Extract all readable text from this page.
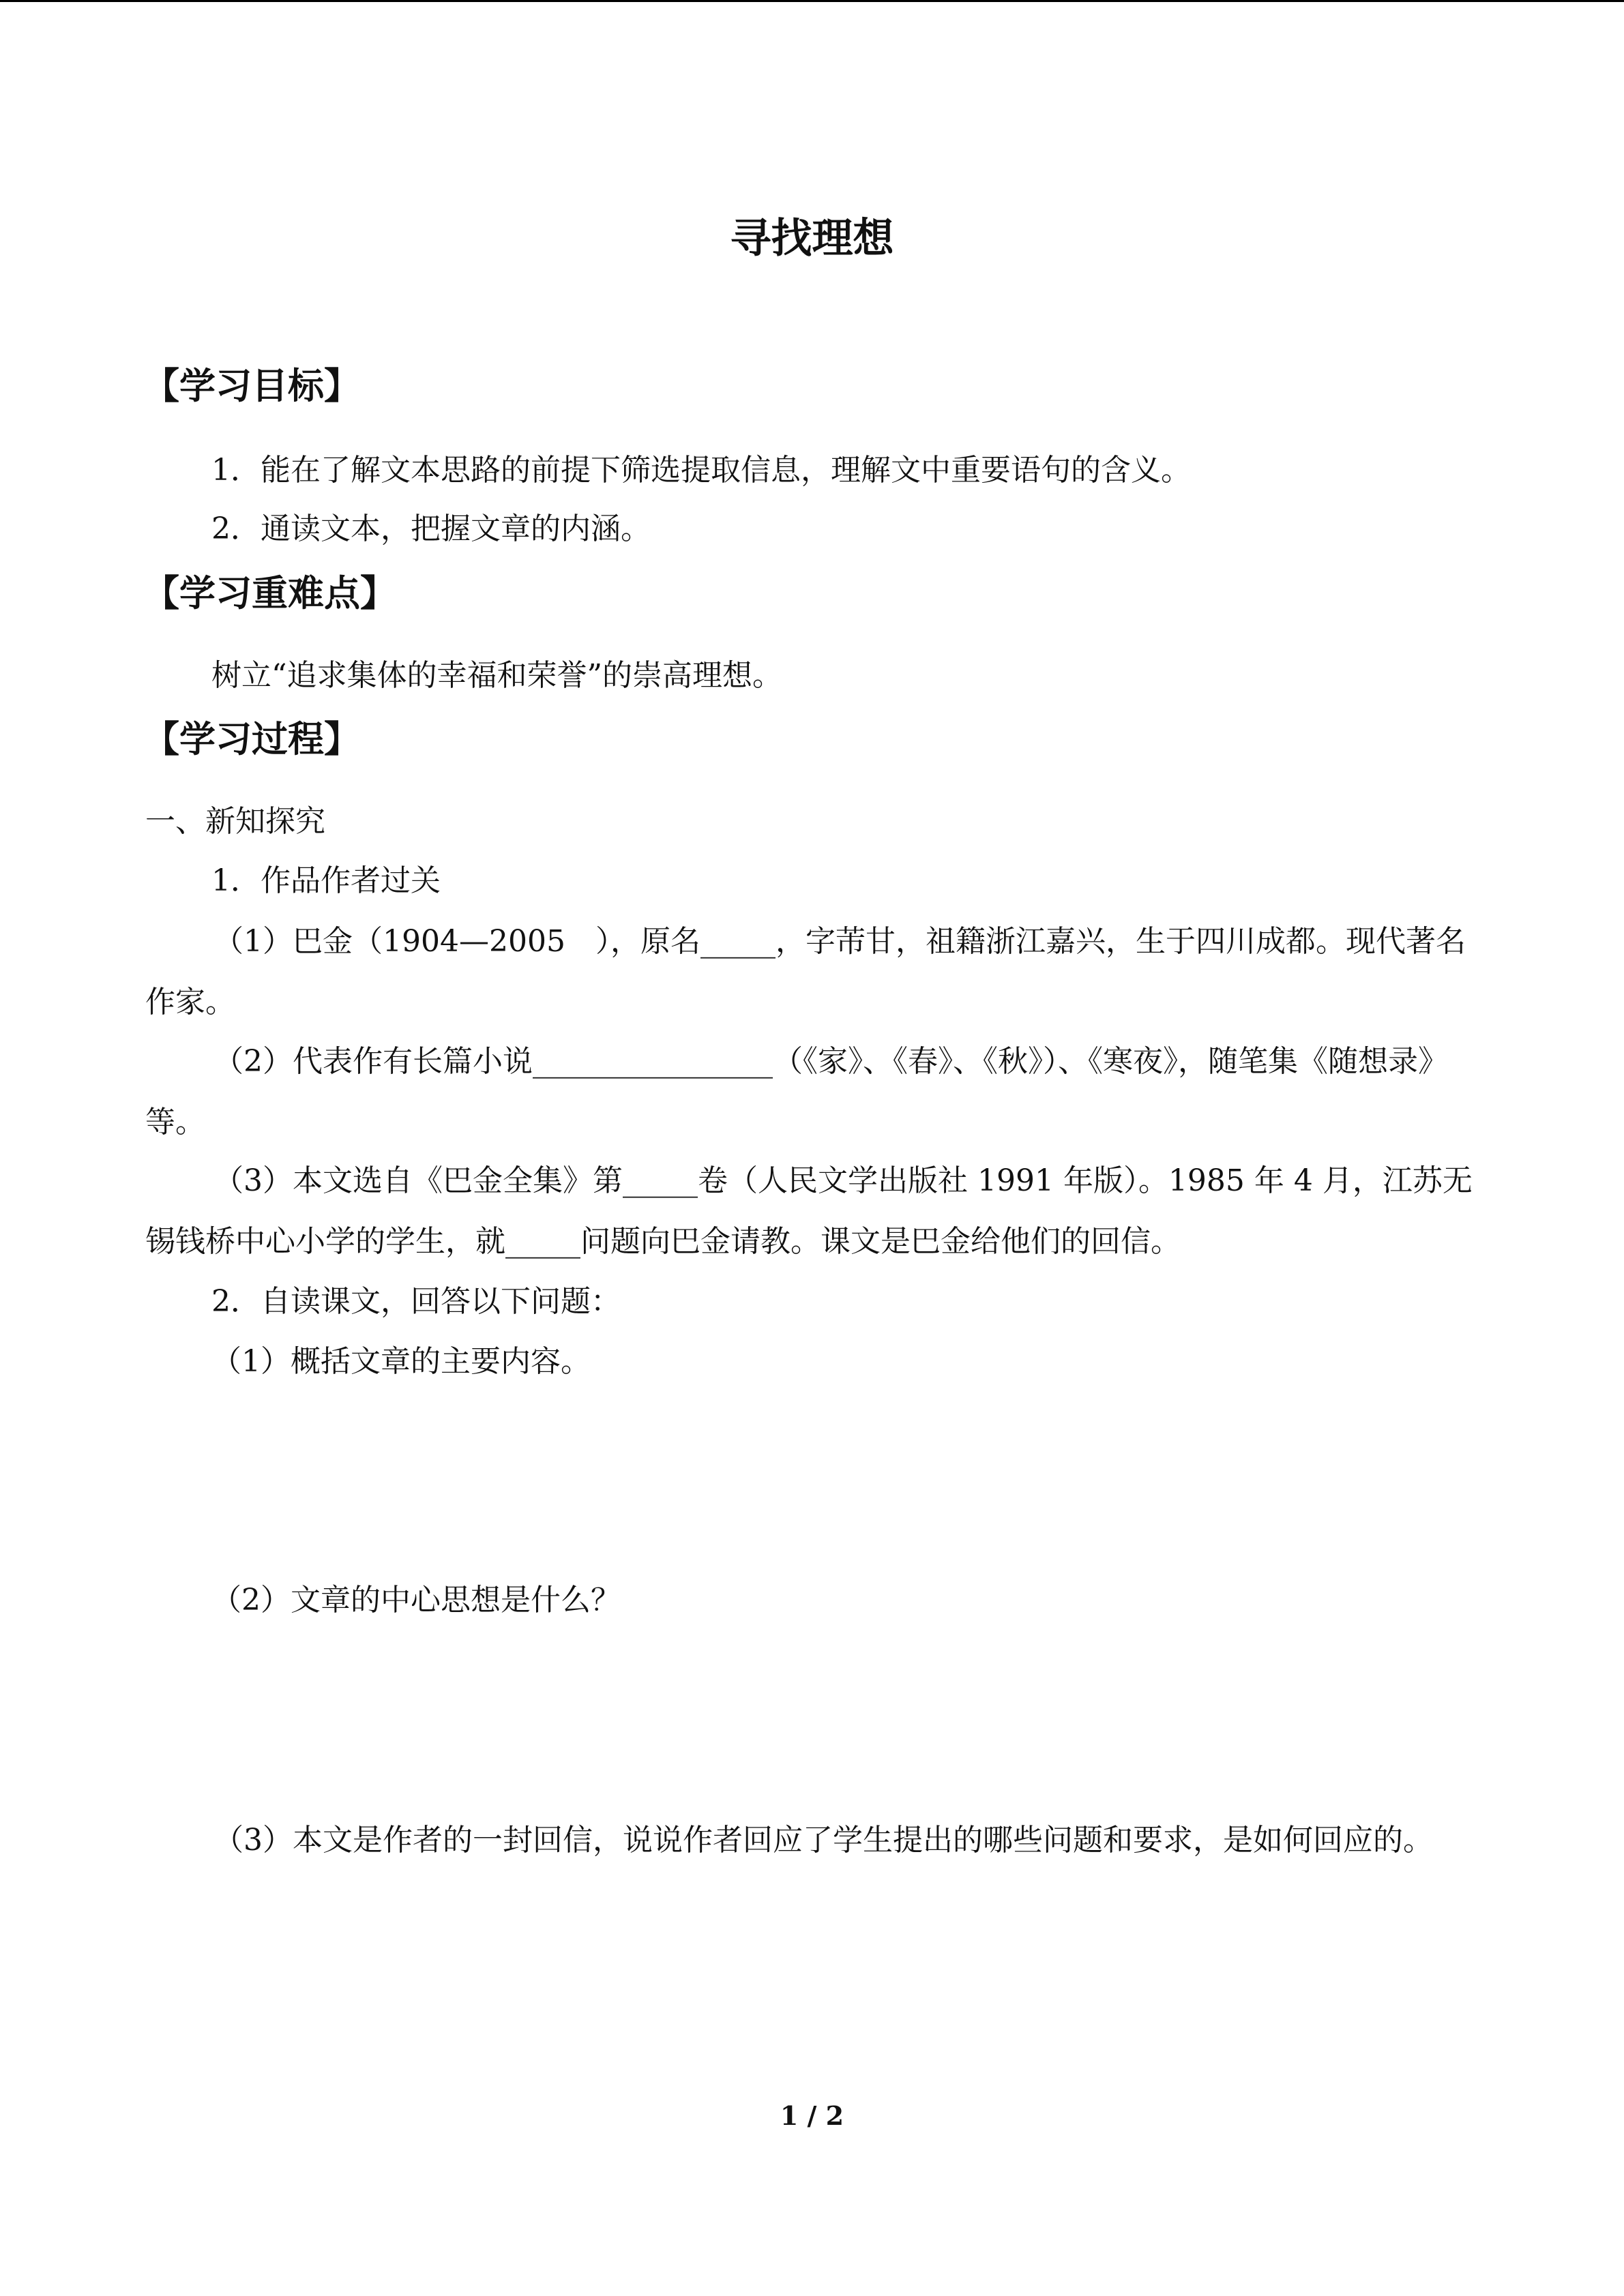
寻找理想
【学习目标】

1．能在了解文本思路的前提下筛选提取信息，理解文中重要语句的含义。

2．通读文本，把握文章的内涵。

【学习重难点】

树立“追求集体的幸福和荣誉”的崇高理想。

【学习过程】

一、新知探究

1．作品作者过关

（1）巴金（1904—2005　），原名_____，字芾甘，祖籍浙江嘉兴，生于四川成都。现代著名作家。

（2）代表作有长篇小说________________（《家》、《春》、《秋》）、《寒夜》，随笔集《随想录》等。

（3）本文选自《巴金全集》第_____卷（人民文学出版社 1991 年版）。1985 年 4 月，江苏无锡钱桥中心小学的学生，就_____问题向巴金请教。课文是巴金给他们的回信。

2．自读课文，回答以下问题：

（1）概括文章的主要内容。

（2）文章的中心思想是什么？

（3）本文是作者的一封回信，说说作者回应了学生提出的哪些问题和要求，是如何回应的。

1 / 2
